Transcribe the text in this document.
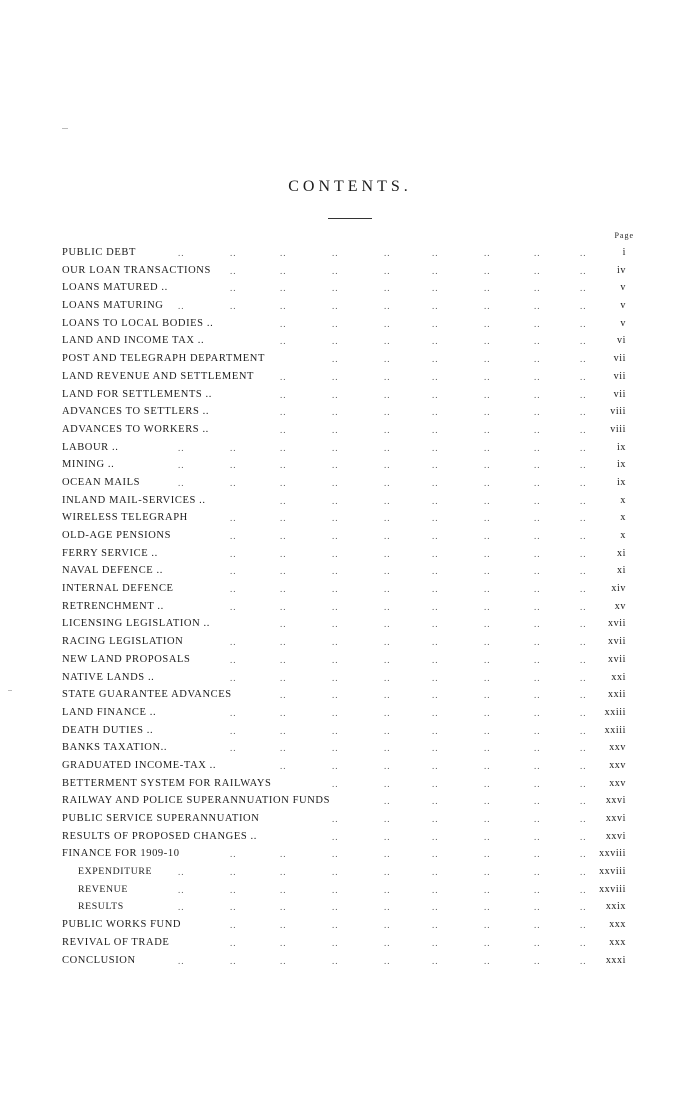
CONTENTS.
Page
PUBLIC DEBT	..	..	..	..	..	..	..	..	..	i
OUR LOAN TRANSACTIONS ..	..	..	..	..	..	..	..	iv
LOANS MATURED ..	..	..	..	..	..	..	..	..	v
LOANS MATURING ..	..	..	..	..	..	..	..	..	v
LOANS TO LOCAL BODIES ..	..	..	..	..	..	..	..	v
LAND AND INCOME TAX ..	..	..	..	..	..	..	..	vi
POST AND TELEGRAPH DEPARTMENT	..	..	..	..	..	..	vii
LAND REVENUE AND SETTLEMENT	..	..	..	..	..	..	..	vii
LAND FOR SETTLEMENTS ..	..	..	..	..	..	..	..	vii
ADVANCES TO SETTLERS ..	..	..	..	..	..	..	..	viii
ADVANCES TO WORKERS ..	..	..	..	..	..	..	..	viii
LABOUR ..	..	..	..	..	..	..	..	..	..	ix
MINING ..	..	..	..	..	..	..	..	..	..	ix
OCEAN MAILS	..	..	..	..	..	..	..	..	..	ix
INLAND MAIL-SERVICES ..	..	..	..	..	..	..	..	x
WIRELESS TELEGRAPH	..	..	..	..	..	..	..	..	x
OLD-AGE PENSIONS	..	..	..	..	..	..	..	..	x
FERRY SERVICE ..	..	..	..	..	..	..	..	..	xi
NAVAL DEFENCE ..	..	..	..	..	..	..	..	..	xi
INTERNAL DEFENCE	..	..	..	..	..	..	..	..	xiv
RETRENCHMENT ..	..	..	..	..	..	..	..	..	xv
LICENSING LEGISLATION ..	..	..	..	..	..	..	..	xvii
RACING LEGISLATION	..	..	..	..	..	..	..	..	xvii
NEW LAND PROPOSALS	..	..	..	..	..	..	..	..	xvii
NATIVE LANDS ..	..	..	..	..	..	..	..	..	xxi
STATE GUARANTEE ADVANCES	..	..	..	..	..	..	..	xxii
LAND FINANCE ..	..	..	..	..	..	..	..	..	xxiii
DEATH DUTIES ..	..	..	..	..	..	..	..	..	xxiii
BANKS TAXATION..	..	..	..	..	..	..	..	..	xxv
GRADUATED INCOME-TAX ..	..	..	..	..	..	..	..	xxv
BETTERMENT SYSTEM FOR RAILWAYS	..	..	..	..	..	..	xxv
RAILWAY AND POLICE SUPERANNUATION FUNDS	..	..	..	..	..	xxvi
PUBLIC SERVICE SUPERANNUATION	..	..	..	..	..	..	xxvi
RESULTS OF PROPOSED CHANGES ..	..	..	..	..	..	..	xxvi
FINANCE FOR 1909-10	..	..	..	..	..	..	..	..	xxviii
EXPENDITURE	..	..	..	..	..	..	..	..	..	xxviii
REVENUE	..	..	..	..	..	..	..	..	..	xxviii
RESULTS	..	..	..	..	..	..	..	..	..	xxix
PUBLIC WORKS FUND	..	..	..	..	..	..	..	..	xxx
REVIVAL OF TRADE	..	..	..	..	..	..	..	..	xxx
CONCLUSION	..	..	..	..	..	..	..	..	..	xxxi
